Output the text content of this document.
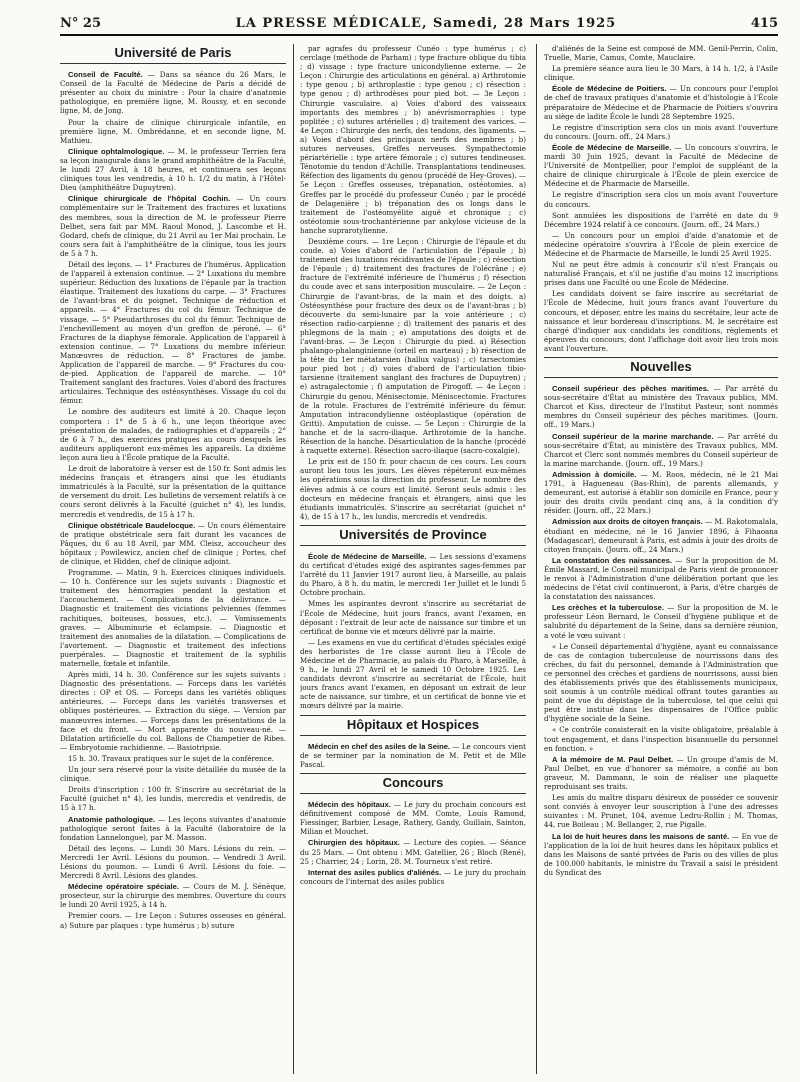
N° 25	LA PRESSE MÉDICALE, Samedi, 28 Mars 1925	415
Université de Paris

Conseil de Faculté. — Dans sa séance du 26 Mars, le Conseil de la Faculté de Médecine de Paris a décidé de présenter au choix du ministre : Pour la chaire d'anatomie pathologique, en première ligne, M. Roussy, et en seconde ligne, M. de Jong.

Pour la chaire de clinique chirurgicale infantile, en première ligne, M. Ombrédanne, et en seconde ligne, M. Mathieu.

Clinique ophtalmologique. — M. le professeur Terrien fera sa leçon inaugurale dans le grand amphithéâtre de la Faculté, le lundi 27 Avril, à 18 heures, et continuera ses leçons cliniques tous les vendredis, à 10 h. 1/2 du matin, à l'Hôtel-Dieu (amphithéâtre Dupuytren).

Clinique chirurgicale de l'hôpital Cochin. — Un cours complémentaire sur le Traitement des fractures et luxations des membres, sous la direction de M. le professeur Pierre Delbet, sera fait par MM. Raoul Monod, J. Lascombe et H. Godard, chefs de clinique, du 21 Avril au 1er Mai prochain. Le cours sera fait à l'amphithéâtre de la clinique, tous les jours de 5 à 7 h.

Détail des leçons. — 1° Fractures de l'humérus. Application de l'appareil à extension continue. — 2° Luxations du membre supérieur. Réduction des luxations de l'épaule par la traction élastique. Traitement des luxations du carpe. — 3° Fractures de l'avant-bras et du poignet. Technique de réduction et appareils. — 4° Fractures du col du fémur. Technique de vissage. — 5° Pseudarthroses du col du fémur. Technique de l'enchevillement au moyen d'un greffon de péroné. — 6° Fractures de la diaphyse fémorale. Application de l'appareil à extension continue. — 7° Luxations du membre inférieur. Manœuvres de réduction. — 8° Fractures de jambe. Application de l'appareil de marche. — 9° Fractures du cou-de-pied. Application de l'appareil de marche. — 10° Traitement sanglant des fractures. Voies d'abord des fractures articulaires. Technique des ostéosynthèses. Vissage du col du fémur.

Le nombre des auditeurs est limité à 20. Chaque leçon comportera : 1° de 5 à 6 h., une leçon théorique avec présentation de malades, de radiographies et d'appareils ; 2° de 6 à 7 h., des exercices pratiques au cours desquels les auditeurs appliqueront eux-mêmes les appareils. La dixième leçon aura lieu à l'École pratique de la Faculté.

Le droit de laboratoire à verser est de 150 fr. Sont admis les médecins français et étrangers ainsi que les étudiants immatriculés à la Faculté, sur la présentation de la quittance de versement du droit. Les bulletins de versement relatifs à ce cours seront délivrés à la Faculté (guichet n° 4), les lundis, mercredis et vendredis, de 15 à 17 h.

Clinique obstétricale Baudelocque. — Un cours élémentaire de pratique obstétricale sera fait durant les vacances de Pâques, du 6 au 18 Avril, par MM. Cleisz, accoucheur des hôpitaux ; Powilewicz, ancien chef de clinique ; Portes, chef de clinique, et Hidden, chef de clinique adjoint.

Programme. — Matin, 9 h. Exercices cliniques individuels. — 10 h. Conférence sur les sujets suivants : Diagnostic et traitement des hémorragies pendant la gestation et l'accouchement. — Complications de la délivrance. — Diagnostic et traitement des viciations pelviennes (femmes rachitiques, boiteuses, bossues, etc.). — Vomissements graves. — Albuminurie et éclampsie. — Diagnostic et traitement des anomalies de la dilatation. — Complications de l'avortement. — Diagnostic et traitement des infections puerpérales. — Diagnostic et traitement de la syphilis maternelle, fœtale et infantile.

Après midi, 14 h. 30. Conférence sur les sujets suivants : Diagnostic des présentations. — Forceps dans les variétés directes : OP et OS. — Forceps dans les variétés obliques antérieures. — Forceps dans les variétés transverses et obliques postérieures. — Extraction du siège. — Version par manœuvres internes. — Forceps dans les présentations de la face et du front. — Mort apparente du nouveau-né. — Dilatation artificielle du col. Ballons de Champetier de Ribes. — Embryotomie rachidienne. — Basiotripsie.

15 h. 30. Travaux pratiques sur le sujet de la conférence.

Un jour sera réservé pour la visite détaillée du musée de la clinique.

Droits d'inscription : 100 fr. S'inscrire au secrétariat de la Faculté (guichet n° 4), les lundis, mercredis et vendredis, de 15 à 17 h.

Anatomie pathologique. — Les leçons suivantes d'anatomie pathologique seront faites à la Faculté (laboratoire de la fondation Lannelongue), par M. Masson.

Détail des leçons. — Lundi 30 Mars. Lésions du rein. — Mercredi 1er Avril. Lésions du poumon. — Vendredi 3 Avril. Lésions du poumon. — Lundi 6 Avril. Lésions du foie. — Mercredi 8 Avril. Lésions des glandes.

Médecine opératoire spéciale. — Cours de M. J. Sénèque, prosecteur, sur la chirurgie des membres. Ouverture du cours le lundi 20 Avril 1925, à 14 h.

Premier cours. — 1re Leçon : Sutures osseuses en général. a) Suture par plaques : type humérus ; b) suture

par agrafes du professeur Cunéo : type humérus ; c) cerclage (méthode de Parham) : type fracture oblique du tibia ; d) vissage : type fracture unicondylienne externe. — 2e Leçon : Chirurgie des articulations en général. a) Arthrotomie : type genou ; b) arthroplastie : type genou ; c) résection : type genou ; d) arthrodèses pour pied bot. — 3e Leçon : Chirurgie vasculaire. a) Voies d'abord des vaisseaux importants des membres ; b) anévrismorraphies : type poplitée ; c) sutures artérielles ; d) traitement des varices. — 4e Leçon : Chirurgie des nerfs, des tendons, des ligaments. — a) Voies d'abord des principaux nerfs des membres ; b) sutures nerveuses. Greffes nerveuses. Sympathectomie périartérielle : type artère fémorale ; c) sutures tendineuses. Ténotomie du tendon d'Achille. Transplantations tendineuses. Réfection des ligaments du genou (procédé de Hey-Groves). — 5e Leçon : Greffes osseuses, trépanation, ostéotomies. a) Greffes par le procédé du professeur Cunéo ; par le procédé de Delagenière ; b) trépanation des os longs dans le traitement de l'ostéomyélite aiguë et chronique ; c) ostéotomie sous-trochantérienne par ankylose vicieuse de la hanche suprarotylienne.

Deuxième cours. — 1re Leçon : Chirurgie de l'épaule et du coude. a) Voies d'abord de l'articulation de l'épaule ; b) traitement des luxations récidivantes de l'épaule ; c) résection de l'épaule ; d) traitement des fractures de l'olécrâne ; e) fracture de l'extrémité inférieure de l'humérus ; f) résection du coude avec et sans interposition musculaire. — 2e Leçon : Chirurgie de l'avant-bras, de la main et des doigts. a) Ostéosynthèse pour fracture des deux os de l'avant-bras ; b) découverte du semi-lunaire par la voie antérieure ; c) résection radio-carpienne ; d) traitement des panaris et des phlegmons de la main ; e) amputations des doigts et de l'avant-bras. — 3e Leçon : Chirurgie du pied. a) Résection phalango-phalanginienne (orteil en marteau) ; b) résection de la tête du 1er métatarsien (hallux valgus) ; c) tarsectomies pour pied bot ; d) voies d'abord de l'articulation tibio-tarsienne (traitement sanglant des fractures de Dupuytren) ; e) astragalectomie ; f) amputation de Pirogoff. — 4e Leçon : Chirurgie du genou. Ménisectomie. Méniscectomie. Fractures de la rotule. Fractures de l'extrémité inférieure du fémur. Amputation intracondylienne ostéoplastique (opération de Gritti). Amputation de cuisse. — 5e Leçon : Chirurgie de la hanche et de la sacro-iliaque. Arthrotomie de la hanche. Résection de la hanche. Désarticulation de la hanche (procédé à raquette externe). Résection sacro-iliaque (sacro-coxalgie).

Le prix est de 150 fr. pour chacun de ces cours. Les cours auront lieu tous les jours. Les élèves répéteront eux-mêmes les opérations sous la direction du professeur. Le nombre des élèves admis à ce cours est limité. Seront seuls admis : les docteurs en médecine français et étrangers, ainsi que les étudiants immatriculés. S'inscrire au secrétariat (guichet n° 4), de 15 à 17 h., les lundis, mercredis et vendredis.

Universités de Province

École de Médecine de Marseille. — Les sessions d'examens du certificat d'études exigé des aspirantes sages-femmes par l'arrêté du 11 Janvier 1917 auront lieu, à Marseille, au palais du Pharo, à 8 h. du matin, le mercredi 1er Juillet et le lundi 5 Octobre prochain.

Mmes les aspirantes devront s'inscrire au secrétariat de l'École de Médecine, huit jours francs, avant l'examen, en déposant : l'extrait de leur acte de naissance sur timbre et un certificat de bonne vie et mœurs délivré par la mairie.

— Les examens en vue du certificat d'études spéciales exigé des herboristes de 1re classe auront lieu à l'École de Médecine et de Pharmacie, au palais du Pharo, à Marseille, à 9 h., le lundi 27 Avril et le samedi 10 Octobre 1925. Les candidats devront s'inscrire au secrétariat de l'École, huit jours francs avant l'examen, en déposant un extrait de leur acte de naissance, sur timbre, et un certificat de bonne vie et mœurs délivré par la mairie.

Hôpitaux et Hospices

Médecin en chef des asiles de la Seine. — Le concours vient de se terminer par la nomination de M. Petit et de Mlle Pascal.

Concours

Médecin des hôpitaux. — Le jury du prochain concours est définitivement composé de MM. Comte, Louis Ramond, Fiessinger, Barbier, Lesage, Rathery, Gandy, Guillain, Sainton, Milian et Mouchet.

Chirurgien des hôpitaux. — Lecture des copies. — Séance du 25 Mars. — Ont obtenu : MM. Gatellier, 26 ; Bloch (René), 25 ; Charrier, 24 ; Lorin, 28. M. Tourneux s'est retiré.

Internat des asiles publics d'aliénés. — Le jury du prochain concours de l'internat des asiles publics

d'aliénés de la Seine est composé de MM. Genil-Perrin, Colin, Truelle, Marie, Camus, Comte, Mauclaire.

La première séance aura lieu le 30 Mars, à 14 h. 1/2, à l'Asile clinique.

École de Médecine de Poitiers. — Un concours pour l'emploi de chef de travaux pratiques d'anatomie et d'histologie à l'École préparatoire de Médecine et de Pharmacie de Poitiers s'ouvrira au siège de ladite École le lundi 28 Septembre 1925.

Le registre d'inscription sera clos un mois avant l'ouverture du concours. (Journ. off., 24 Mars.)

École de Médecine de Marseille. — Un concours s'ouvrira, le mardi 30 Juin 1925, devant la Faculté de Médecine de l'Université de Montpellier, pour l'emploi de suppléant de la chaire de clinique chirurgicale à l'École de plein exercice de Médecine et de Pharmacie de Marseille.

Le registre d'inscription sera clos un mois avant l'ouverture du concours.

Sont annulées les dispositions de l'arrêté en date du 9 Décembre 1924 relatif à ce concours. (Journ. off., 24 Mars.)

— Un concours pour un emploi d'aide d'anatomie et de médecine opératoire s'ouvrira à l'École de plein exercice de Médecine et de Pharmacie de Marseille, le lundi 25 Avril 1925.

Nul ne peut être admis à concourir s'il n'est Français ou naturalisé Français, et s'il ne justifie d'au moins 12 inscriptions prises dans une Faculté ou une École de Médecine.

Les candidats doivent se faire inscrire au secrétariat de l'École de Médecine, huit jours francs avant l'ouverture du concours, et déposer, entre les mains du secrétaire, leur acte de naissance et leur bordereau d'inscriptions. M. le secrétaire est chargé d'indiquer aux candidats les conditions, règlements et épreuves du concours, dont l'affichage doit avoir lieu trois mois avant l'ouverture.

Nouvelles

Conseil supérieur des pêches maritimes. — Par arrêté du sous-secrétaire d'État au ministère des Travaux publics, MM. Charcot et Kiss, directeur de l'Institut Pasteur, sont nommés membres du Conseil supérieur des pêches maritimes. (Journ. off., 19 Mars.)

Conseil supérieur de la marine marchande. — Par arrêté du sous-secrétaire d'État, au ministère des Travaux publics, MM. Charcot et Clerc sont nommés membres du Conseil supérieur de la marine marchande. (Journ. off., 19 Mars.)

Admission à domicile. — M. Roos, médecin, né le 21 Mai 1791, à Hagueneau (Bas-Rhin), de parents allemands, y demeurant, est autorisé à établir son domicile en France, pour y jouir des droits civils pendant cinq ans, à la condition d'y résider. (Journ. off., 22 Mars.)

Admission aux droits de citoyen français. — M. Rakotomalala, étudiant en médecine, né le 16 Janvier 1896, à Fihaoana (Madagascar), demeurant à Paris, est admis à jouir des droits de citoyen français. (Journ. off., 24 Mars.)

La constatation des naissances. — Sur la proposition de M. Émile Massard, le Conseil municipal de Paris vient de prononcer le renvoi à l'Administration d'une délibération portant que les médecins de l'état civil continueront, à Paris, d'être chargés de la constatation des naissances.

Les crèches et la tuberculose. — Sur la proposition de M. le professeur Léon Bernard, le Conseil d'hygiène publique et de salubrité du département de la Seine, dans sa dernière réunion, a voté le vœu suivant :

« Le Conseil départemental d'hygiène, ayant eu connaissance de cas de contagion tuberculeuse de nourrissons dans des crèches, du fait du personnel, demande à l'Administration que ce personnel des crèches et gardiens de nourrissons, aussi bien des établissements privés que des établissements municipaux, soit soumis à un contrôle médical offrant toutes garanties au point de vue du dépistage de la tuberculose, tel que celui qui peut être institué dans les dispensaires de l'Office public d'hygiène sociale de la Seine.

« Ce contrôle consisterait en la visite obligatoire, préalable à tout engagement, et dans l'inspection bisannuelle du personnel en fonction. »

A la mémoire de M. Paul Delbet. — Un groupe d'amis de M. Paul Delbet, en vue d'honorer sa mémoire, a confié au bon graveur, M. Dammann, le soin de réaliser une plaquette reproduisant ses traits.

Les amis du maître disparu désireux de posséder ce souvenir sont conviés à envoyer leur souscription à l'une des adresses suivantes : M. Prunet, 104, avenue Ledru-Rollin ; M. Thomas, 44, rue Boileau ; M. Bellanger, 2, rue Pigalle.

La loi de huit heures dans les maisons de santé. — En vue de l'application de la loi de huit heures dans les hôpitaux publics et dans les Maisons de santé privées de Paris ou des villes de plus de 100.000 habitants, le ministre du Travail a saisi le président du Syndicat des
